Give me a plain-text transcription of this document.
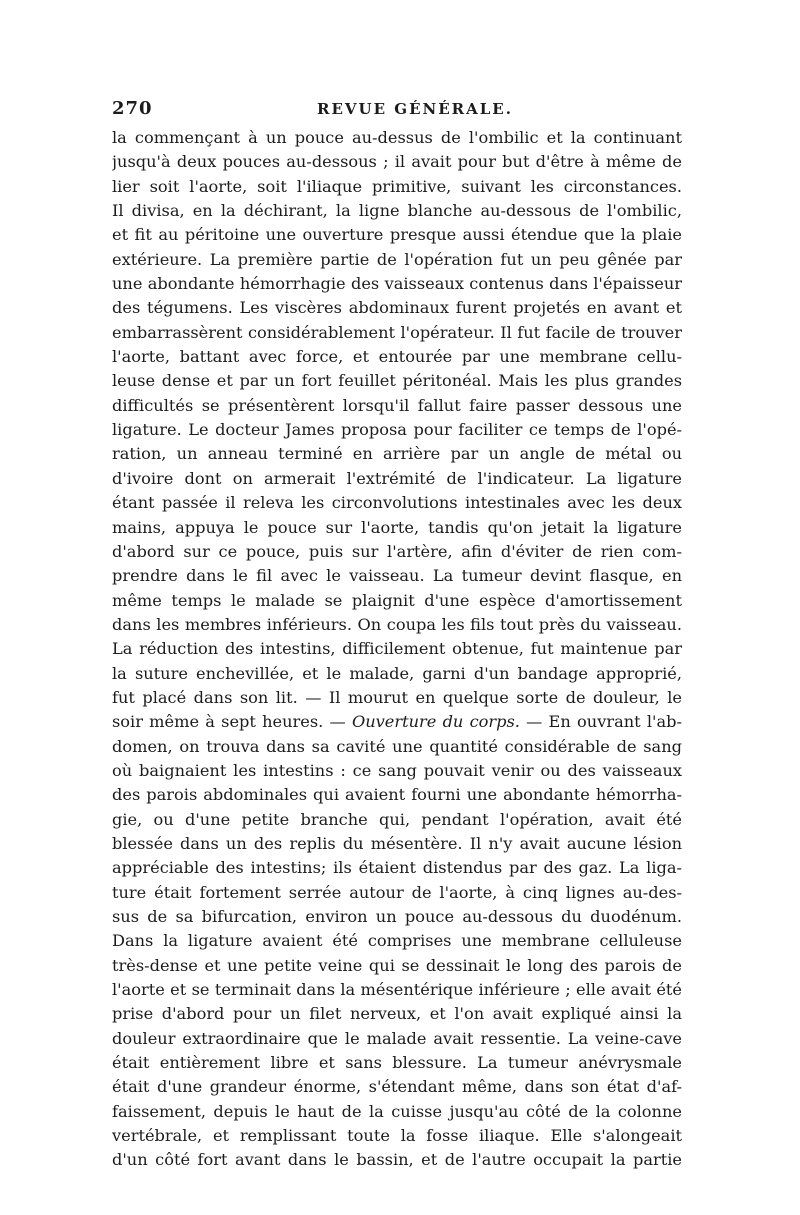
270	REVUE GÉNÉRALE.
la commençant à un pouce au-dessus de l'ombilic et la continuant
jusqu'à deux pouces au-dessous ; il avait pour but d'être à même de
lier soit l'aorte, soit l'iliaque primitive, suivant les circonstances.
Il divisa, en la déchirant, la ligne blanche au-dessous de l'ombilic,
et fit au péritoine une ouverture presque aussi étendue que la plaie
extérieure. La première partie de l'opération fut un peu gênée par
une abondante hémorrhagie des vaisseaux contenus dans l'épaisseur
des tégumens. Les viscères abdominaux furent projetés en avant et
embarrassèrent considérablement l'opérateur. Il fut facile de trouver
l'aorte, battant avec force, et entourée par une membrane cellu-
leuse dense et par un fort feuillet péritonéal. Mais les plus grandes
difficultés se présentèrent lorsqu'il fallut faire passer dessous une
ligature. Le docteur James proposa pour faciliter ce temps de l'opé-
ration, un anneau terminé en arrière par un angle de métal ou
d'ivoire dont on armerait l'extrémité de l'indicateur. La ligature
étant passée il releva les circonvolutions intestinales avec les deux
mains, appuya le pouce sur l'aorte, tandis qu'on jetait la ligature
d'abord sur ce pouce, puis sur l'artère, afin d'éviter de rien com-
prendre dans le fil avec le vaisseau. La tumeur devint flasque, en
même temps le malade se plaignit d'une espèce d'amortissement
dans les membres inférieurs. On coupa les fils tout près du vaisseau.
La réduction des intestins, difficilement obtenue, fut maintenue par
la suture enchevillée, et le malade, garni d'un bandage approprié,
fut placé dans son lit. — Il mourut en quelque sorte de douleur, le
soir même à sept heures. — Ouverture du corps. — En ouvrant l'ab-
domen, on trouva dans sa cavité une quantité considérable de sang
où baignaient les intestins : ce sang pouvait venir ou des vaisseaux
des parois abdominales qui avaient fourni une abondante hémorrha-
gie, ou d'une petite branche qui, pendant l'opération, avait été
blessée dans un des replis du mésentère. Il n'y avait aucune lésion
appréciable des intestins; ils étaient distendus par des gaz. La liga-
ture était fortement serrée autour de l'aorte, à cinq lignes au-des-
sus de sa bifurcation, environ un pouce au-dessous du duodénum.
Dans la ligature avaient été comprises une membrane celluleuse
très-dense et une petite veine qui se dessinait le long des parois de
l'aorte et se terminait dans la mésentérique inférieure ; elle avait été
prise d'abord pour un filet nerveux, et l'on avait expliqué ainsi la
douleur extraordinaire que le malade avait ressentie. La veine-cave
était entièrement libre et sans blessure. La tumeur anévrysmale
était d'une grandeur énorme, s'étendant même, dans son état d'af-
faissement, depuis le haut de la cuisse jusqu'au côté de la colonne
vertébrale, et remplissant toute la fosse iliaque. Elle s'alongeait
d'un côté fort avant dans le bassin, et de l'autre occupait la partie
